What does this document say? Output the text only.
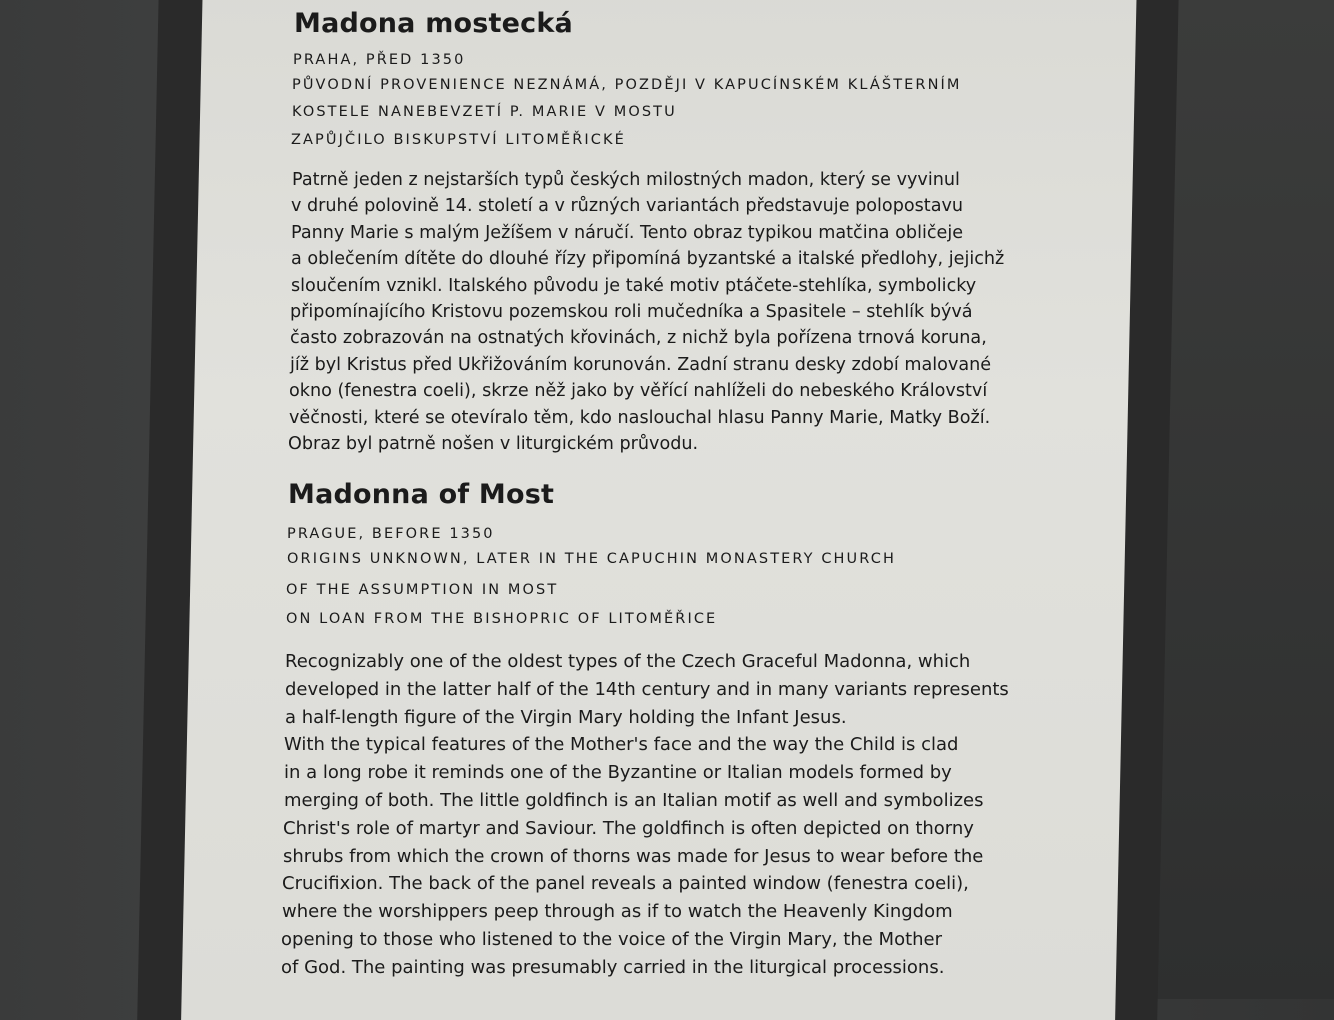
Madona mostecká
PRAHA, PŘED 1350
PŮVODNÍ PROVENIENCE NEZNÁMÁ, POZDĚJI V KAPUCÍNSKÉM KLÁŠTERNÍM
KOSTELE NANEBEVZETÍ P. MARIE V MOSTU
ZAPŮJČILO BISKUPSTVÍ LITOMĚŘICKÉ
Patrně jeden z nejstarších typů českých milostných madon, který se vyvinul
v druhé polovině 14. století a v různých variantách představuje polopostavu
Panny Marie s malým Ježíšem v náručí. Tento obraz typikou matčina obličeje
a oblečením dítěte do dlouhé řízy připomíná byzantské a italské předlohy, jejichž
sloučením vznikl. Italského původu je také motiv ptáčete-stehlíka, symbolicky
připomínajícího Kristovu pozemskou roli mučedníka a Spasitele – stehlík bývá
často zobrazován na ostnatých křovinách, z nichž byla pořízena trnová koruna,
jíž byl Kristus před Ukřižováním korunován. Zadní stranu desky zdobí malované
okno (fenestra coeli), skrze něž jako by věřící nahlíželi do nebeského Království
věčnosti, které se otevíralo těm, kdo naslouchal hlasu Panny Marie, Matky Boží.
Obraz byl patrně nošen v liturgickém průvodu.
Madonna of Most
PRAGUE, BEFORE 1350
ORIGINS UNKNOWN, LATER IN THE CAPUCHIN MONASTERY CHURCH
OF THE ASSUMPTION IN MOST
ON LOAN FROM THE BISHOPRIC OF LITOMĚŘICE
Recognizably one of the oldest types of the Czech Graceful Madonna, which
developed in the latter half of the 14th century and in many variants represents
a half-length figure of the Virgin Mary holding the Infant Jesus.
With the typical features of the Mother's face and the way the Child is clad
in a long robe it reminds one of the Byzantine or Italian models formed by
merging of both. The little goldfinch is an Italian motif as well and symbolizes
Christ's role of martyr and Saviour. The goldfinch is often depicted on thorny
shrubs from which the crown of thorns was made for Jesus to wear before the
Crucifixion. The back of the panel reveals a painted window (fenestra coeli),
where the worshippers peep through as if to watch the Heavenly Kingdom
opening to those who listened to the voice of the Virgin Mary, the Mother
of God. The painting was presumably carried in the liturgical processions.
